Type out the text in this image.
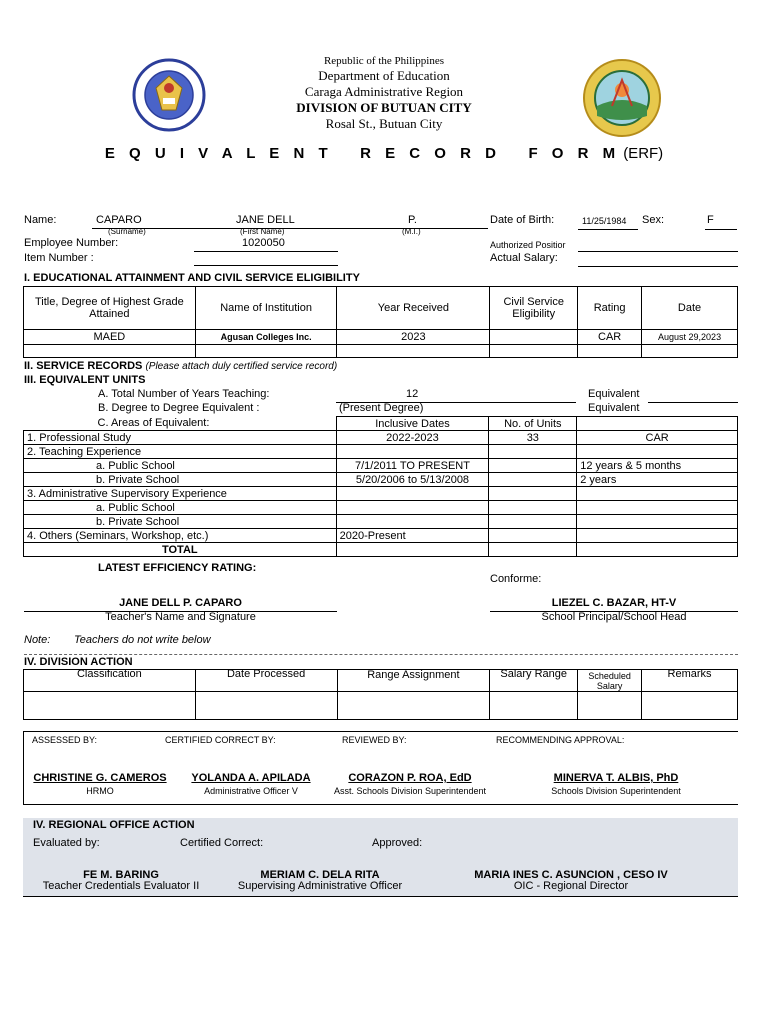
Republic of the Philippines
Department of Education
Caraga Administrative Region
DIVISION OF BUTUAN CITY
Rosal St., Butuan City
E Q U I V A L E N T   R E C O R D   F O R M (ERF)
Name:	CAPARO	JANE DELL	P.
(Surname)	(First Name)	(M.I.)
Date of Birth:	11/25/1984 Sex:	F
Employee Number:	1020050	Authorized Positior
Item Number :	Actual Salary:
I. EDUCATIONAL ATTAINMENT AND CIVIL SERVICE ELIGIBILITY
Title, Degree of Highest Grade Attained	Name of Institution	Year Received	Civil Service Eligibility	Rating	Date
MAED	Agusan Colleges Inc.	2023		CAR	August 29,2023

II. SERVICE RECORDS (Please attach duly certified service record)
III. EQUIVALENT UNITS
A. Total Number of Years Teaching:	12	Equivalent
B. Degree to Degree Equivalent :	(Present Degree)	Equivalent
C. Areas of Equivalent:	Inclusive Dates	No. of Units	
1. Professional Study	2022-2023	33	CAR
2. Teaching Experience			
a. Public School	7/1/2011 TO PRESENT		12 years & 5 months
b. Private School	5/20/2006 to 5/13/2008		2 years
3. Administrative Supervisory Experience			
a. Public School			
b. Private School			
4. Others (Seminars, Workshop, etc.)	2020-Present		
TOTAL			
LATEST EFFICIENCY RATING:
Conforme:
JANE DELL P. CAPARO
Teacher's Name and Signature
LIEZEL C. BAZAR, HT-V
School Principal/School Head
Note: Teachers do not write below
IV. DIVISION ACTION
Classification	Date Processed	Range Assignment	Salary Range	Scheduled Salary	Remarks

ASSESSED BY:	CERTIFIED CORRECT BY:	REVIEWED BY:	RECOMMENDING APPROVAL:
CHRISTINE G. CAMEROS
HRMO
YOLANDA A. APILADA
Administrative Officer V
CORAZON P. ROA, EdD
Asst. Schools Division Superintendent
MINERVA T. ALBIS, PhD
Schools Division Superintendent
IV. REGIONAL OFFICE ACTION
Evaluated by:	Certified Correct:	Approved:
FE M. BARING
Teacher Credentials Evaluator II
MERIAM C. DELA RITA
Supervising Administrative Officer
MARIA INES C. ASUNCION , CESO IV
OIC - Regional Director
